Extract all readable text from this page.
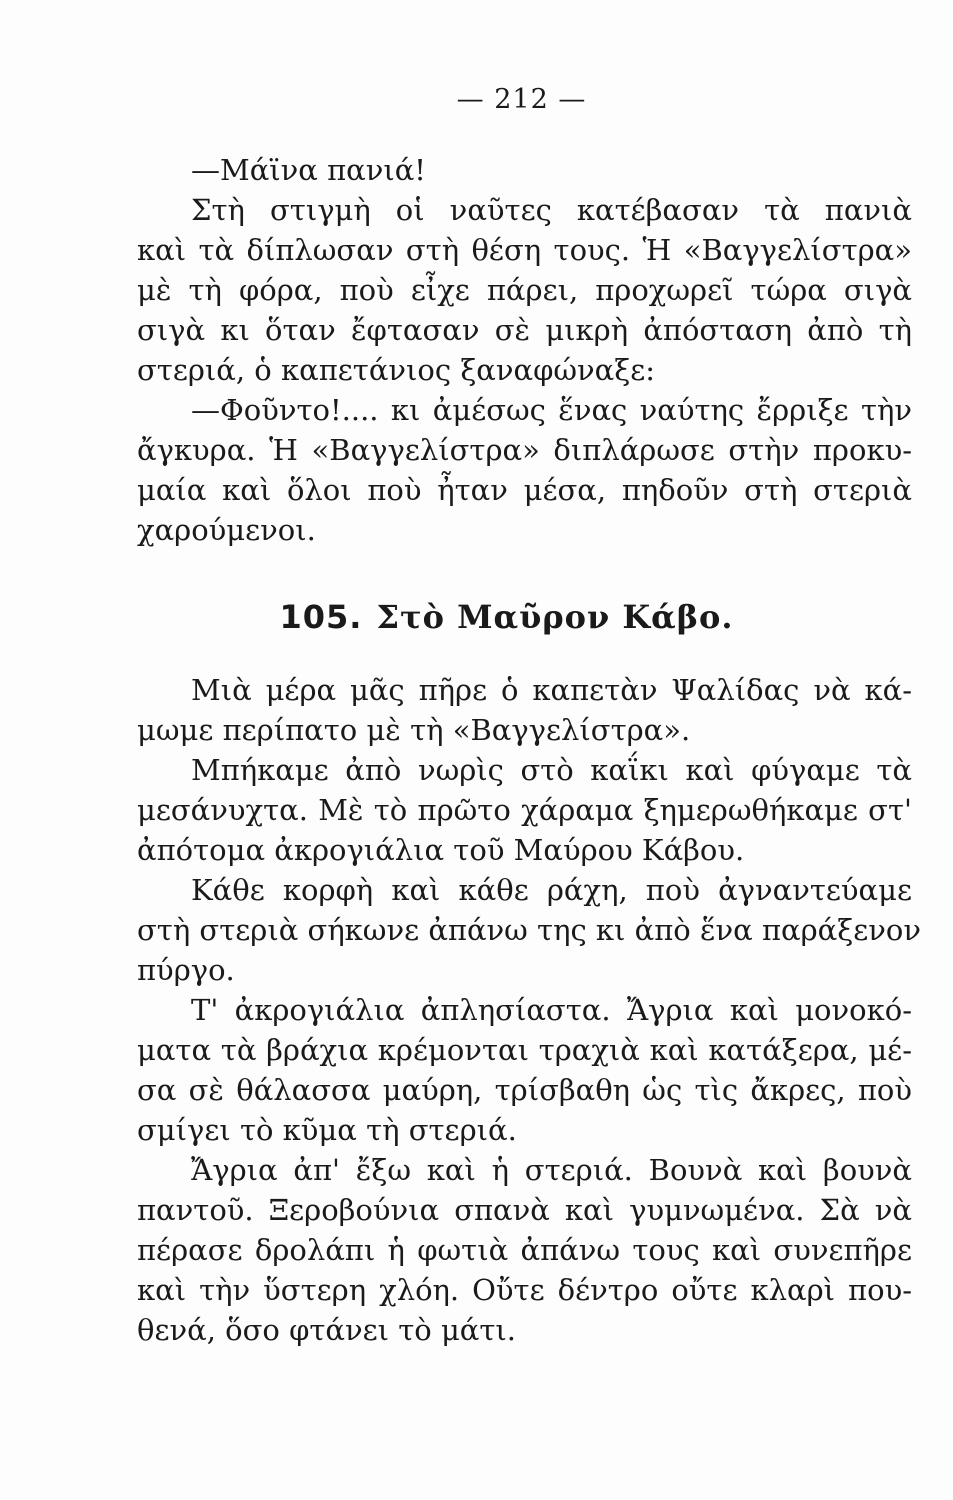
— 212 —
—Μάϊνα πανιά!
Στὴ στιγμὴ οἱ ναῦτες κατέβασαν τὰ πανιὰ
καὶ τὰ δίπλωσαν στὴ θέση τους. Ἡ «Βαγγελίστρα»
μὲ τὴ φόρα, ποὺ εἶχε πάρει, προχωρεῖ τώρα σιγὰ
σιγὰ κι ὅταν ἔφτασαν σὲ μικρὴ ἀπόσταση ἀπὸ τὴ
στεριά, ὁ καπετάνιος ξαναφώναξε:
—Φοῦντο!.... κι ἀμέσως ἕνας ναύτης ἔρριξε τὴν
ἄγκυρα. Ἡ «Βαγγελίστρα» διπλάρωσε στὴν προκυ-
μαία καὶ ὅλοι ποὺ ἦταν μέσα, πηδοῦν στὴ στεριὰ
χαρούμενοι.
105. Στὸ Μαῦρον Κάβο.
Μιὰ μέρα μᾶς πῆρε ὁ καπετὰν Ψαλίδας νὰ κά-
μωμε περίπατο μὲ τὴ «Βαγγελίστρα».
Μπήκαμε ἀπὸ νωρὶς στὸ καΐκι καὶ φύγαμε τὰ
μεσάνυχτα. Μὲ τὸ πρῶτο χάραμα ξημερωθήκαμε στ'
ἀπότομα ἀκρογιάλια τοῦ Μαύρου Κάβου.
Κάθε κορφὴ καὶ κάθε ράχη, ποὺ ἀγναντεύαμε
στὴ στεριὰ σήκωνε ἀπάνω της κι ἀπὸ ἕνα παράξενον
πύργο.
Τ' ἀκρογιάλια ἀπλησίαστα. Ἄγρια καὶ μονοκό-
ματα τὰ βράχια κρέμονται τραχιὰ καὶ κατάξερα, μέ-
σα σὲ θάλασσα μαύρη, τρίσβαθη ὡς τὶς ἄκρες, ποὺ
σμίγει τὸ κῦμα τὴ στεριά.
Ἄγρια ἀπ' ἔξω καὶ ἡ στεριά. Βουνὰ καὶ βουνὰ
παντοῦ. Ξεροβούνια σπανὰ καὶ γυμνωμένα. Σὰ νὰ
πέρασε δρολάπι ἡ φωτιὰ ἀπάνω τους καὶ συνεπῆρε
καὶ τὴν ὕστερη χλόη. Οὔτε δέντρο οὔτε κλαρὶ που-
θενά, ὅσο φτάνει τὸ μάτι.
